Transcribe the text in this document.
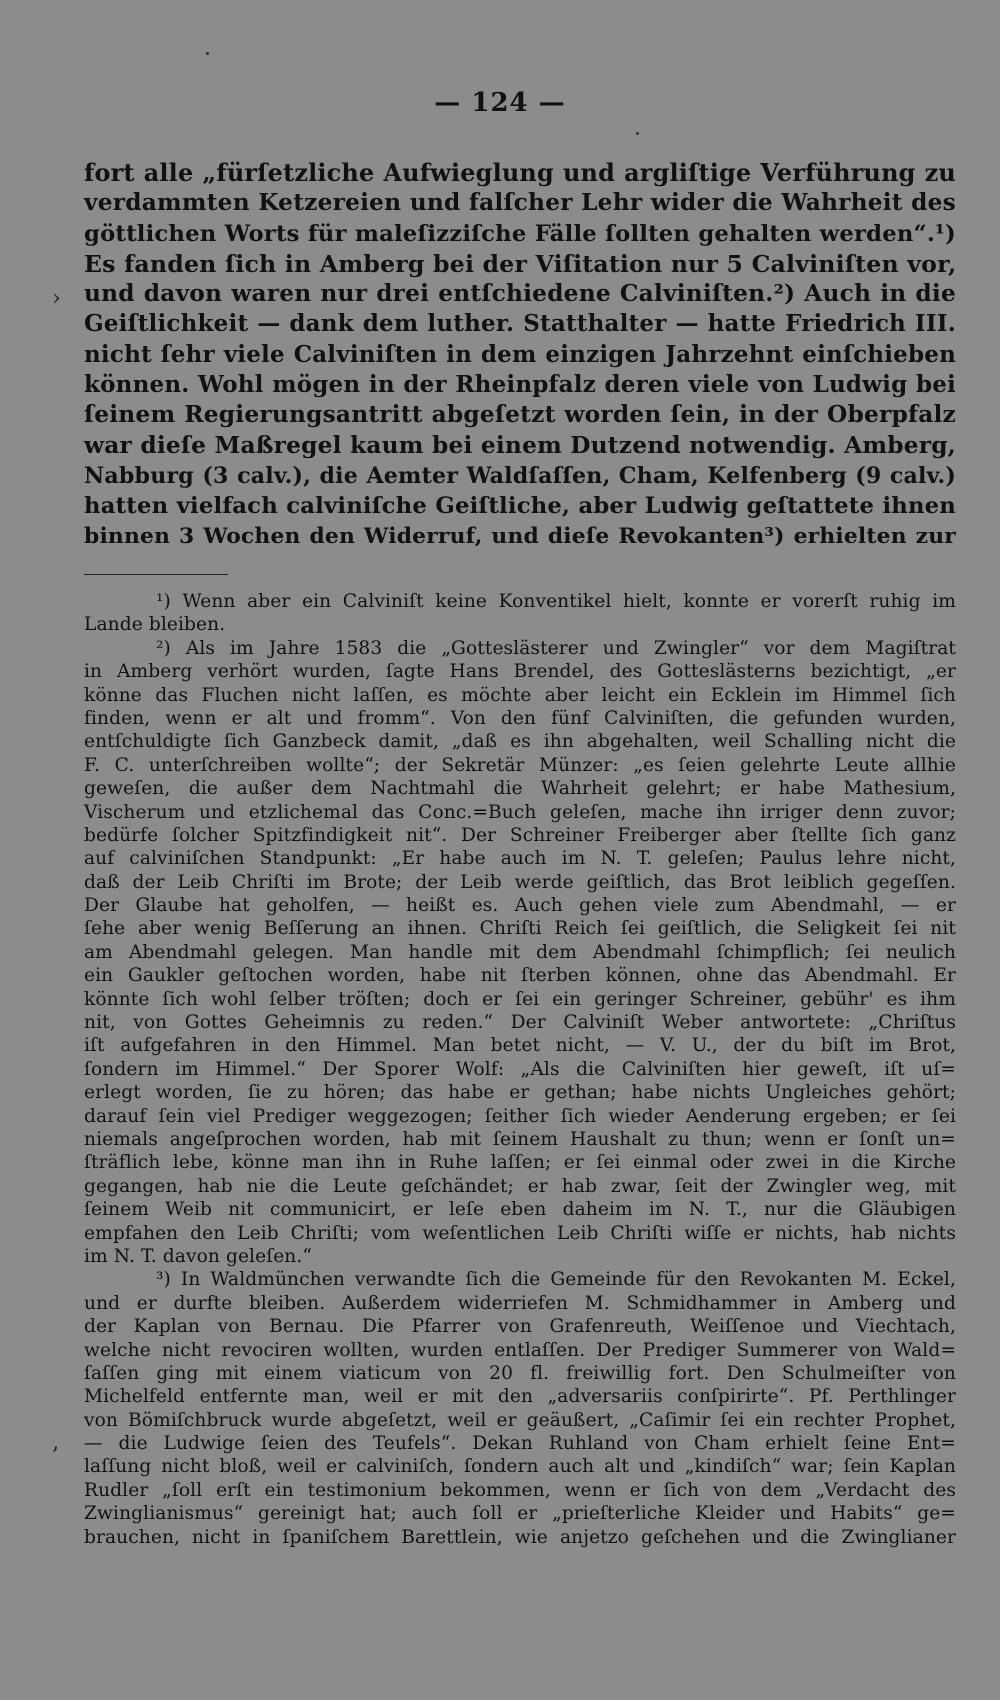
— 124 —
›
‚
fort alle „fürſetzliche Aufwieglung und argliſtige Verführung zu
verdammten Ketzereien und falſcher Lehr wider die Wahrheit des
göttlichen Worts für maleſizziſche Fälle ſollten gehalten werden“.¹)
Es fanden ſich in Amberg bei der Viſitation nur 5 Calviniſten vor,
und davon waren nur drei entſchiedene Calviniſten.²) Auch in die
Geiſtlichkeit — dank dem luther. Statthalter — hatte Friedrich III.
nicht ſehr viele Calviniſten in dem einzigen Jahrzehnt einſchieben
können. Wohl mögen in der Rheinpfalz deren viele von Ludwig bei
ſeinem Regierungsantritt abgeſetzt worden ſein, in der Oberpfalz
war dieſe Maßregel kaum bei einem Dutzend notwendig. Amberg,
Nabburg (3 calv.), die Aemter Waldſaſſen, Cham, Kelfenberg (9 calv.)
hatten vielfach calviniſche Geiſtliche, aber Ludwig geſtattete ihnen
binnen 3 Wochen den Widerruf, und dieſe Revokanten³) erhielten zur
¹) Wenn aber ein Calviniſt keine Konventikel hielt, konnte er vorerſt ruhig im
Lande bleiben.
²) Als im Jahre 1583 die „Gotteslästerer und Zwingler“ vor dem Magiſtrat
in Amberg verhört wurden, ſagte Hans Brendel, des Gotteslästerns bezichtigt, „er
könne das Fluchen nicht laſſen, es möchte aber leicht ein Ecklein im Himmel ſich
finden, wenn er alt und fromm“. Von den fünf Calviniſten, die gefunden wurden,
entſchuldigte ſich Ganzbeck damit, „daß es ihn abgehalten, weil Schalling nicht die
F. C. unterſchreiben wollte“; der Sekretär Münzer: „es ſeien gelehrte Leute allhie
geweſen, die außer dem Nachtmahl die Wahrheit gelehrt; er habe Mathesium,
Vischerum und etzlichemal das Conc.=Buch geleſen, mache ihn irriger denn zuvor;
bedürfe ſolcher Spitzfindigkeit nit“. Der Schreiner Freiberger aber ſtellte ſich ganz
auf calviniſchen Standpunkt: „Er habe auch im N. T. geleſen; Paulus lehre nicht,
daß der Leib Chriſti im Brote; der Leib werde geiſtlich, das Brot leiblich gegeſſen.
Der Glaube hat geholfen, — heißt es. Auch gehen viele zum Abendmahl, — er
ſehe aber wenig Beſſerung an ihnen. Chriſti Reich ſei geiſtlich, die Seligkeit ſei nit
am Abendmahl gelegen. Man handle mit dem Abendmahl ſchimpflich; ſei neulich
ein Gaukler geſtochen worden, habe nit ſterben können, ohne das Abendmahl. Er
könnte ſich wohl ſelber tröſten; doch er ſei ein geringer Schreiner, gebühr' es ihm
nit, von Gottes Geheimnis zu reden.“ Der Calviniſt Weber antwortete: „Chriſtus
iſt aufgefahren in den Himmel. Man betet nicht, — V. U., der du biſt im Brot,
ſondern im Himmel.“ Der Sporer Wolf: „Als die Calviniſten hier geweſt, iſt uſ=
erlegt worden, ſie zu hören; das habe er gethan; habe nichts Ungleiches gehört;
darauf ſein viel Prediger weggezogen; ſeither ſich wieder Aenderung ergeben; er ſei
niemals angeſprochen worden, hab mit ſeinem Haushalt zu thun; wenn er ſonſt un=
ſträflich lebe, könne man ihn in Ruhe laſſen; er ſei einmal oder zwei in die Kirche
gegangen, hab nie die Leute geſchändet; er hab zwar, ſeit der Zwingler weg, mit
ſeinem Weib nit communicirt, er leſe eben daheim im N. T., nur die Gläubigen
empfahen den Leib Chriſti; vom weſentlichen Leib Chriſti wiſſe er nichts, hab nichts
im N. T. davon geleſen.“
³) In Waldmünchen verwandte ſich die Gemeinde für den Revokanten M. Eckel,
und er durfte bleiben. Außerdem widerriefen M. Schmidhammer in Amberg und
der Kaplan von Bernau. Die Pfarrer von Grafenreuth, Weiſſenoe und Viechtach,
welche nicht revociren wollten, wurden entlaſſen. Der Prediger Summerer von Wald=
ſaſſen ging mit einem viaticum von 20 fl. freiwillig fort. Den Schulmeiſter von
Michelfeld entfernte man, weil er mit den „adversariis conſpirirte“. Pf. Perthlinger
von Bömiſchbruck wurde abgeſetzt, weil er geäußert, „Caſimir ſei ein rechter Prophet,
— die Ludwige ſeien des Teufels“. Dekan Ruhland von Cham erhielt ſeine Ent=
laſſung nicht bloß, weil er calviniſch, ſondern auch alt und „kindiſch“ war; ſein Kaplan
Rudler „ſoll erſt ein testimonium bekommen, wenn er ſich von dem „Verdacht des
Zwinglianismus“ gereinigt hat; auch ſoll er „prieſterliche Kleider und Habits“ ge=
brauchen, nicht in ſpaniſchem Barettlein, wie anjetzo geſchehen und die Zwinglianer
